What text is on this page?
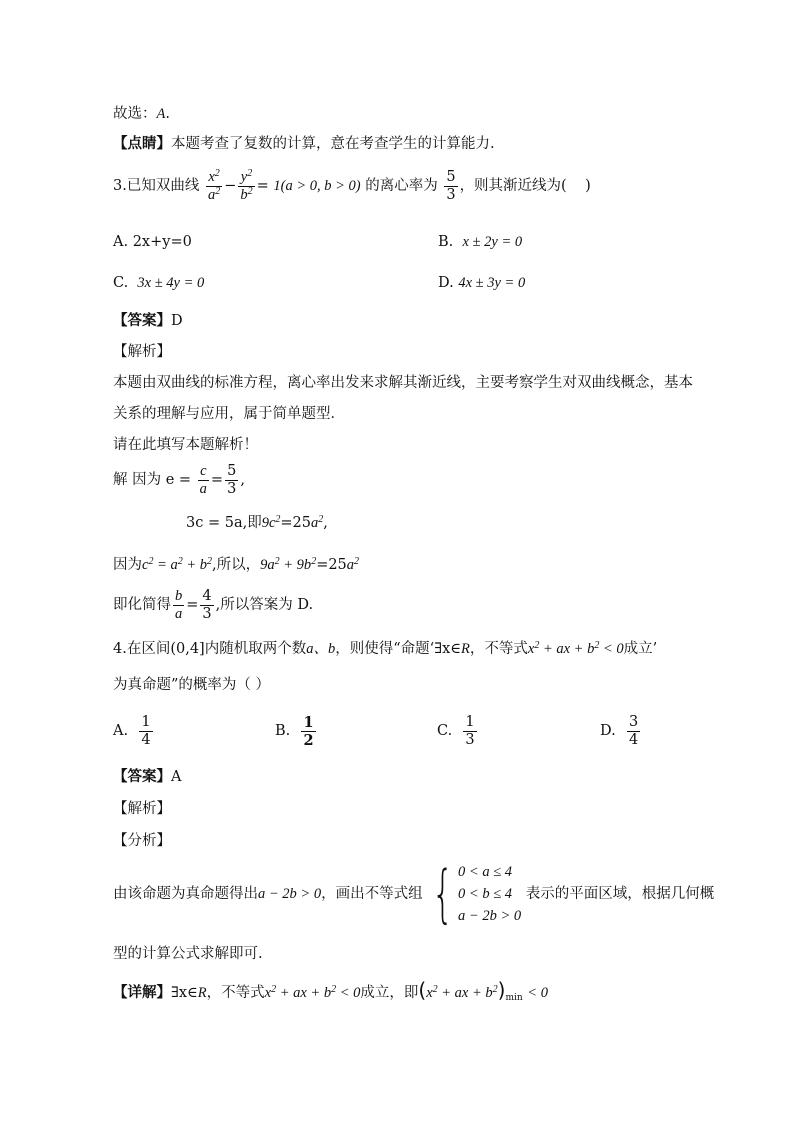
故选：A.
【点睛】本题考查了复数的计算，意在考查学生的计算能力.
3.已知双曲线 $\frac{x^2}{a^2} - \frac{y^2}{b^2} = 1(a > 0$, b > 0) 的离心率为 $\frac{5}{3}$ ，则其渐近线为( )
A. 2x+y=0	B. x ± 2y = 0
C. 3x ± 4y = 0	D. 4x ± 3y = 0
【答案】D
【解析】
本题由双曲线的标准方程，离心率出发来求解其渐近线，主要考察学生对双曲线概念，基本
关系的理解与应用，属于简单题型．
请在此填写本题解析！
解 因为 $e = \frac{c}{a} = \frac{5}{3}$ ,
3c = 5a,即$9c^2=25a^2$,
因为$c^2 = a^2 + b^2$,所以，$9a^2 + 9b^2=25a^2$
即化简得 $\frac{b}{a} = \frac{4}{3}$ ,所以答案为 D.
4.在区间(0,4]内随机取两个数a、b，则使得“命题‘∃x∈R，不等式$x^2$ + ax + $b^2 < 0$成立’
为真命题”的概率为（ ）
A. $\frac{1}{4}$	B. $\frac{1}{2}$	C. $\frac{1}{3}$	D. $\frac{3}{4}$
【答案】A
【解析】
【分析】
由该命题为真命题得出a − 2b > 0，画出不等式组 { 0 < a ≤ 4
0 < b ≤ 4
a − 2b > 0
表示的平面区域，根据几何概
型的计算公式求解即可.
【详解】∃x∈R，不等式$x^2$ + ax + $b^2 < 0$成立，即($x^2$ + ax + $b^2)_{min} < 0$
